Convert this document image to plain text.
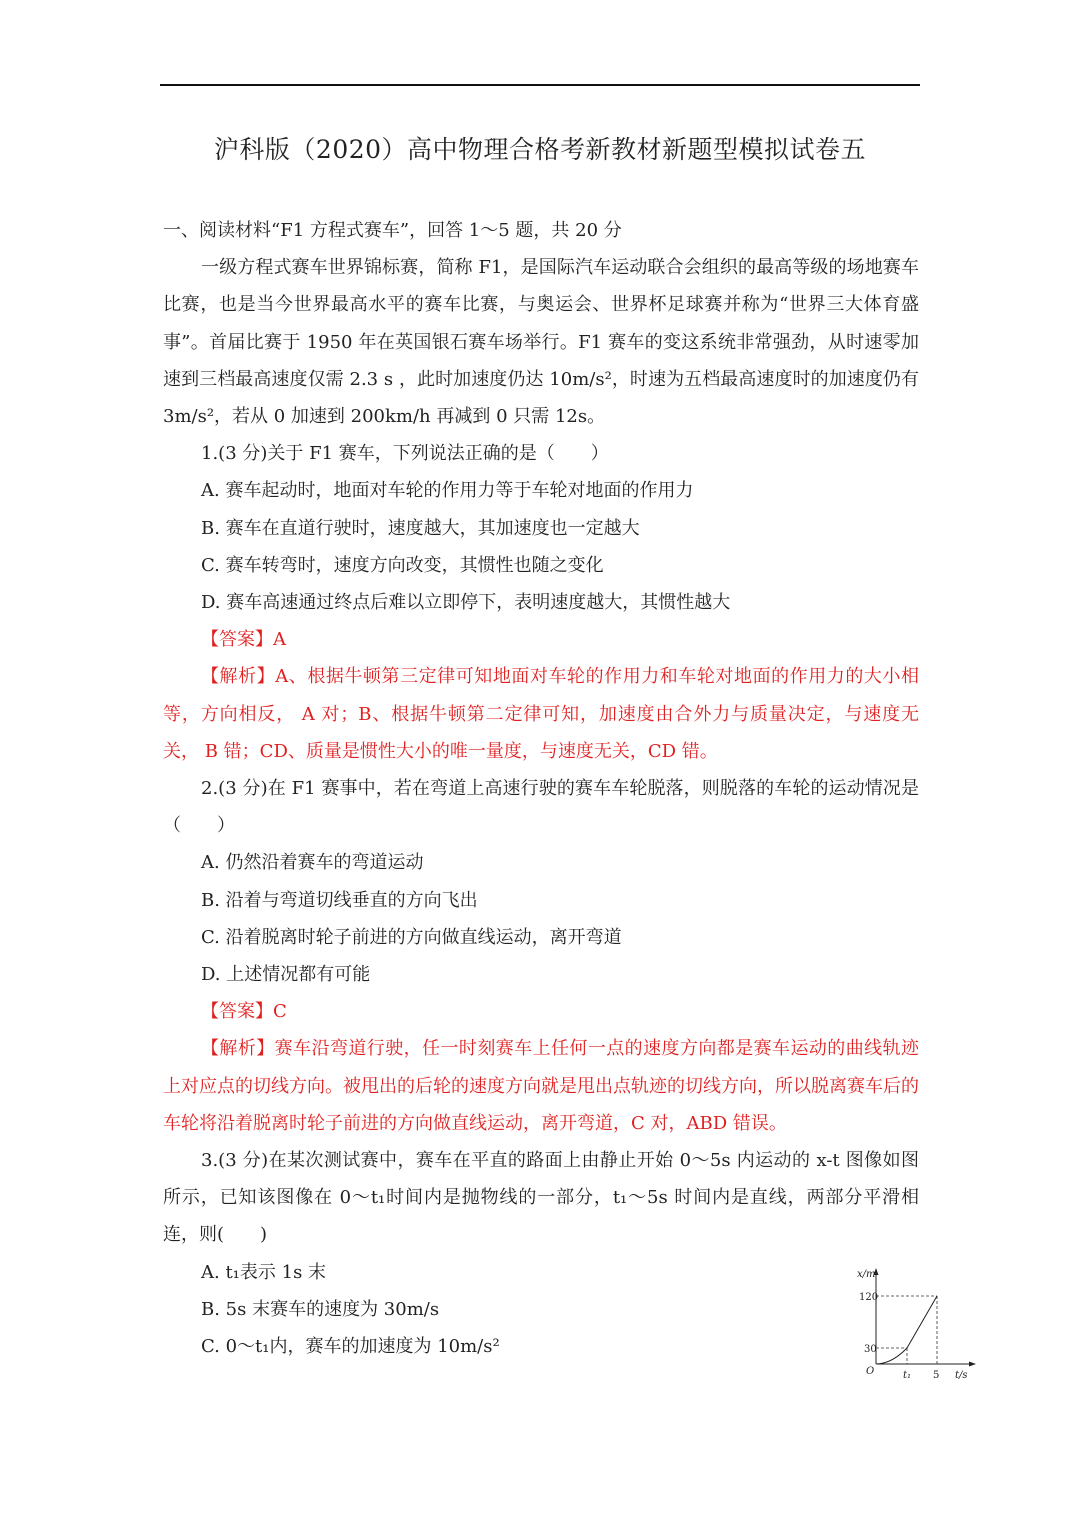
沪科版（2020）高中物理合格考新教材新题型模拟试卷五

一、阅读材料“F1 方程式赛车”，回答 1～5 题，共 20 分

一级方程式赛车世界锦标赛，简称 F1，是国际汽车运动联合会组织的最高等级的场地赛车比赛，也是当今世界最高水平的赛车比赛，与奥运会、世界杯足球赛并称为“世界三大体育盛事”。首届比赛于 1950 年在英国银石赛车场举行。F1 赛车的变这系统非常强劲，从时速零加速到三档最高速度仅需 2.3 s ，此时加速度仍达 10m/s²，时速为五档最高速度时的加速度仍有 3m/s²，若从 0 加速到 200km/h 再减到 0 只需 12s。

1.(3 分)关于 F1 赛车，下列说法正确的是（　　）

A. 赛车起动时，地面对车轮的作用力等于车轮对地面的作用力

B. 赛车在直道行驶时，速度越大，其加速度也一定越大

C. 赛车转弯时，速度方向改变，其惯性也随之变化

D. 赛车高速通过终点后难以立即停下，表明速度越大，其惯性越大

【答案】A

【解析】A、根据牛顿第三定律可知地面对车轮的作用力和车轮对地面的作用力的大小相等，方向相反， A 对；B、根据牛顿第二定律可知，加速度由合外力与质量决定，与速度无关， B 错；CD、质量是惯性大小的唯一量度，与速度无关，CD 错。

2.(3 分)在 F1 赛事中，若在弯道上高速行驶的赛车车轮脱落，则脱落的车轮的运动情况是（　　）

A. 仍然沿着赛车的弯道运动

B. 沿着与弯道切线垂直的方向飞出

C. 沿着脱离时轮子前进的方向做直线运动，离开弯道

D. 上述情况都有可能

【答案】C

【解析】赛车沿弯道行驶，任一时刻赛车上任何一点的速度方向都是赛车运动的曲线轨迹上对应点的切线方向。被甩出的后轮的速度方向就是甩出点轨迹的切线方向，所以脱离赛车后的车轮将沿着脱离时轮子前进的方向做直线运动，离开弯道，C 对，ABD 错误。

3.(3 分)在某次测试赛中，赛车在平直的路面上由静止开始 0～5s 内运动的 x-t 图像如图所示，已知该图像在 0～t₁时间内是抛物线的一部分，t₁～5s 时间内是直线，两部分平滑相连，则(　　)

A. t₁表示 1s 末

B. 5s 末赛车的速度为 30m/s

C. 0～t₁内，赛车的加速度为 10m/s²

x/m
120
30
O	t₁ 5 t/s
